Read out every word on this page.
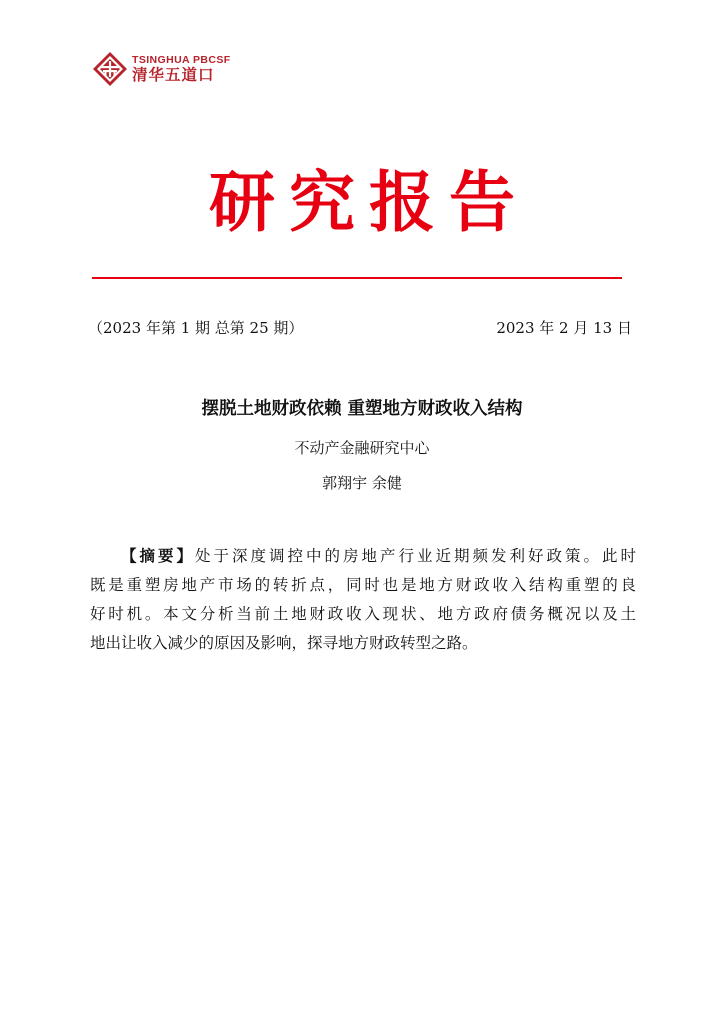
TSINGHUA PBCSF
清华五道口
研究报告
（2023 年第 1 期 总第 25 期）	2023 年 2 月 13 日
摆脱土地财政依赖 重塑地方财政收入结构
不动产金融研究中心
郭翔宇 余健
【摘要】处于深度调控中的房地产行业近期频发利好政策。此时
既是重塑房地产市场的转折点，同时也是地方财政收入结构重塑的良
好时机。本文分析当前土地财政收入现状、地方政府债务概况以及土
地出让收入减少的原因及影响，探寻地方财政转型之路。
